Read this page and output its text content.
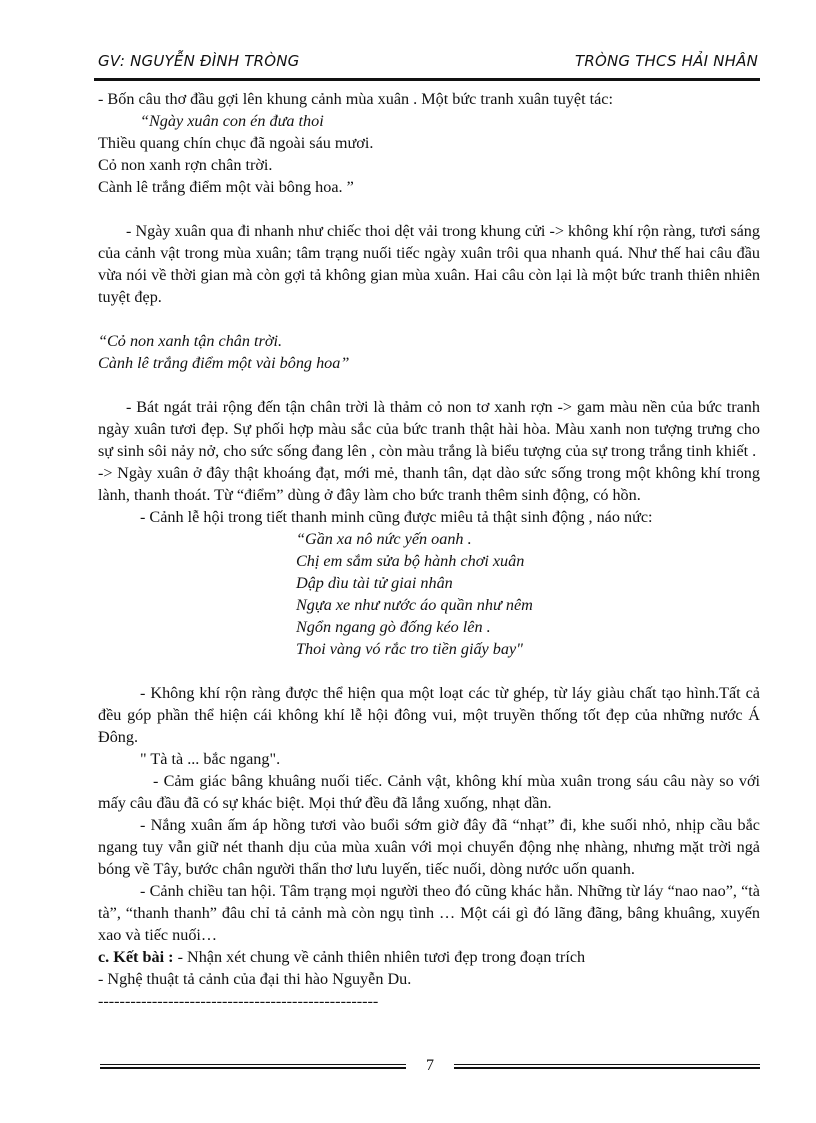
GV: NGUYỄN ĐÌNH TRÒNG	TRÒNG THCS HẢI NHÂN

- Bốn câu thơ đầu gợi lên khung cảnh mùa xuân . Một bức tranh xuân tuyệt tác:

“Ngày xuân con én đưa thoi

Thiều quang chín chục đã ngoài sáu mươi.

Cỏ non xanh rợn chân trời.

Cành lê trắng điểm một vài bông hoa. ”

- Ngày xuân qua đi nhanh như chiếc thoi dệt vải trong khung cửi -> không khí rộn ràng, tươi sáng của cảnh vật trong mùa xuân; tâm trạng nuối tiếc ngày xuân trôi qua nhanh quá. Như thế hai câu đầu vừa nói về thời gian mà còn gợi tả không gian mùa xuân. Hai câu còn lại là một bức tranh thiên nhiên tuyệt đẹp.

“Cỏ non xanh tận chân trời.

Cành lê trắng điểm một vài bông hoa”

- Bát ngát trải rộng đến tận chân trời là thảm cỏ non tơ xanh rợn -> gam màu nền của bức tranh ngày xuân tươi đẹp. Sự phối hợp màu sắc của bức tranh thật hài hòa. Màu xanh non tượng trưng cho sự sinh sôi nảy nở, cho sức sống đang lên , còn màu trắng là biểu tượng của sự trong trắng tinh khiết .

-> Ngày xuân ở đây thật khoáng đạt, mới mẻ, thanh tân, dạt dào sức sống trong một không khí trong lành, thanh thoát. Từ “điểm” dùng ở đây làm cho bức tranh thêm sinh động, có hồn.

- Cảnh lễ hội trong tiết thanh minh cũng được miêu tả thật sinh động , náo nức:

“Gần xa nô nức yến oanh .

Chị em sắm sửa bộ hành chơi xuân

Dập dìu tài tử giai nhân

Ngựa xe như nước áo quần như nêm

Ngổn ngang gò đống kéo lên .

Thoi vàng vó rắc tro tiền giấy bay"

- Không khí rộn ràng được thể hiện qua một loạt các từ ghép, từ láy giàu chất tạo hình.Tất cả đều góp phần thể hiện cái không khí lễ hội đông vui, một truyền thống tốt đẹp của những nước Á Đông.

" Tà tà ... bắc ngang".

- Cảm giác bâng khuâng nuối tiếc. Cảnh vật, không khí mùa xuân trong sáu câu này so với mấy câu đầu đã có sự khác biệt. Mọi thứ đều đã lắng xuống, nhạt dần.

- Nắng xuân ấm áp hồng tươi vào buổi sớm giờ đây đã “nhạt” đi, khe suối nhỏ, nhịp cầu bắc ngang tuy vẫn giữ nét thanh dịu của mùa xuân với mọi chuyển động nhẹ nhàng, nhưng mặt trời ngả bóng về Tây, bước chân người thẩn thơ lưu luyến, tiếc nuối, dòng nước uốn quanh.

- Cảnh chiều tan hội. Tâm trạng mọi người theo đó cũng khác hẳn. Những từ láy “nao nao”, “tà tà”, “thanh thanh” đâu chỉ tả cảnh mà còn ngụ tình … Một cái gì đó lãng đãng, bâng khuâng, xuyến xao và tiếc nuối…

c. Kết bài : - Nhận xét chung về cảnh thiên nhiên tươi đẹp trong đoạn trích

- Nghệ thuật tả cảnh của đại thi hào Nguyễn Du.

----------------------------------------------------

7
